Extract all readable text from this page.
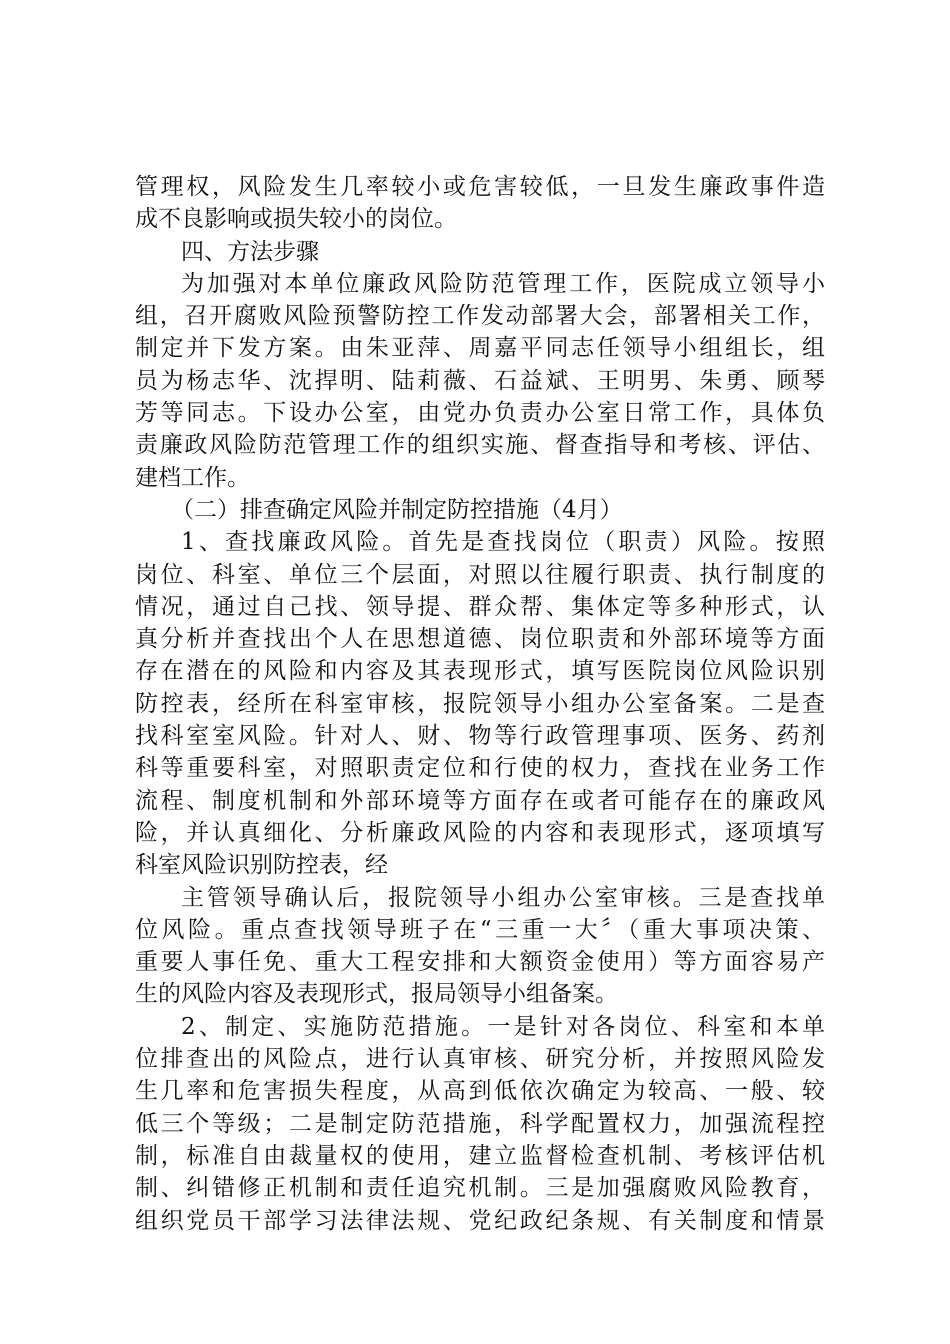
管理权，风险发生几率较小或危害较低，一旦发生廉政事件造
成不良影响或损失较小的岗位。
四、方法步骤
为加强对本单位廉政风险防范管理工作，医院成立领导小
组，召开腐败风险预警防控工作发动部署大会，部署相关工作，
制定并下发方案。由朱亚萍、周嘉平同志任领导小组组长，组
员为杨志华、沈捍明、陆莉薇、石益斌、王明男、朱勇、顾琴
芳等同志。下设办公室，由党办负责办公室日常工作，具体负
责廉政风险防范管理工作的组织实施、督查指导和考核、评估、
建档工作。
（二）排查确定风险并制定防控措施（4月）
1、查找廉政风险。首先是查找岗位（职责）风险。按照
岗位、科室、单位三个层面，对照以往履行职责、执行制度的
情况，通过自己找、领导提、群众帮、集体定等多种形式，认
真分析并查找出个人在思想道德、岗位职责和外部环境等方面
存在潜在的风险和内容及其表现形式，填写医院岗位风险识别
防控表，经所在科室审核，报院领导小组办公室备案。二是查
找科室室风险。针对人、财、物等行政管理事项、医务、药剂
科等重要科室，对照职责定位和行使的权力，查找在业务工作
流程、制度机制和外部环境等方面存在或者可能存在的廉政风
险，并认真细化、分析廉政风险的内容和表现形式，逐项填写
科室风险识别防控表，经
主管领导确认后，报院领导小组办公室审核。三是查找单
位风险。重点查找领导班子在“三重一大〞（重大事项决策、
重要人事任免、重大工程安排和大额资金使用）等方面容易产
生的风险内容及表现形式，报局领导小组备案。
2、制定、实施防范措施。一是针对各岗位、科室和本单
位排查出的风险点，进行认真审核、研究分析，并按照风险发
生几率和危害损失程度，从高到低依次确定为较高、一般、较
低三个等级；二是制定防范措施，科学配置权力，加强流程控
制，标准自由裁量权的使用，建立监督检查机制、考核评估机
制、纠错修正机制和责任追究机制。三是加强腐败风险教育，
组织党员干部学习法律法规、党纪政纪条规、有关制度和情景
